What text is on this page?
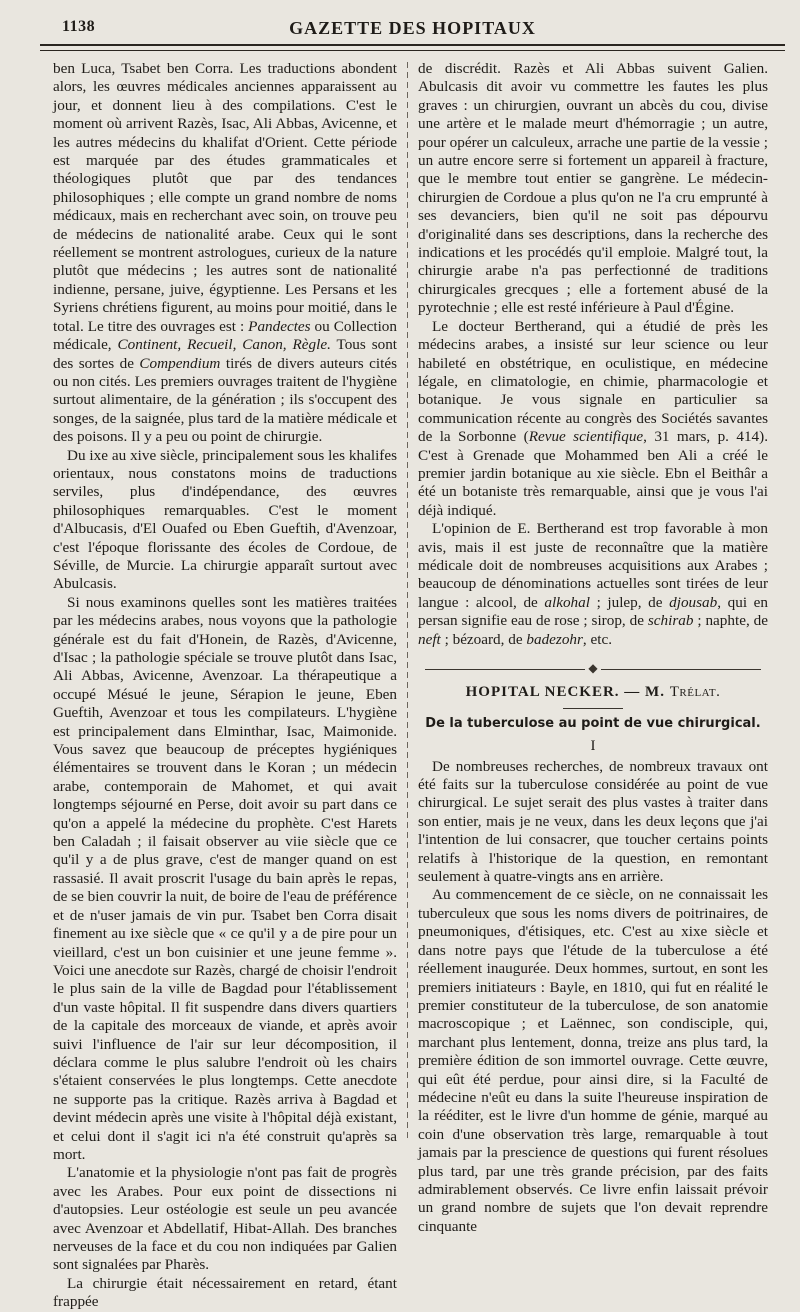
1138	GAZETTE DES HOPITAUX

ben Luca, Tsabet ben Corra. Les traductions abondent alors, les œuvres médicales anciennes apparaissent au jour, et donnent lieu à des compilations. C'est le moment où arrivent Razès, Isac, Ali Abbas, Avicenne, et les autres médecins du khalifat d'Orient. Cette période est marquée par des études grammaticales et théologiques plutôt que par des tendances philosophiques ; elle compte un grand nombre de noms médicaux, mais en recherchant avec soin, on trouve peu de médecins de nationalité arabe. Ceux qui le sont réellement se montrent astrologues, curieux de la nature plutôt que médecins ; les autres sont de nationalité indienne, persane, juive, égyptienne. Les Persans et les Syriens chrétiens figurent, au moins pour moitié, dans le total. Le titre des ouvrages est : Pandectes ou Collection médicale, Continent, Recueil, Canon, Règle. Tous sont des sortes de Compendium tirés de divers auteurs cités ou non cités. Les premiers ouvrages traitent de l'hygiène surtout alimentaire, de la génération ; ils s'occupent des songes, de la saignée, plus tard de la matière médicale et des poisons. Il y a peu ou point de chirurgie.

Du ixe au xive siècle, principalement sous les khalifes orientaux, nous constatons moins de traductions serviles, plus d'indépendance, des œuvres philosophiques remarquables. C'est le moment d'Albucasis, d'El Ouafed ou Eben Gueftih, d'Avenzoar, c'est l'époque florissante des écoles de Cordoue, de Séville, de Murcie. La chirurgie apparaît surtout avec Abulcasis.

Si nous examinons quelles sont les matières traitées par les médecins arabes, nous voyons que la pathologie générale est du fait d'Honein, de Razès, d'Avicenne, d'Isac ; la pathologie spéciale se trouve plutôt dans Isac, Ali Abbas, Avicenne, Avenzoar. La thérapeutique a occupé Mésué le jeune, Sérapion le jeune, Eben Gueftih, Avenzoar et tous les compilateurs. L'hygiène est principalement dans Elminthar, Isac, Maimonide. Vous savez que beaucoup de préceptes hygiéniques élémentaires se trouvent dans le Koran ; un médecin arabe, contemporain de Mahomet, et qui avait longtemps séjourné en Perse, doit avoir su part dans ce qu'on a appelé la médecine du prophète. C'est Harets ben Caladah ; il faisait observer au viie siècle que ce qu'il y a de plus grave, c'est de manger quand on est rassasié. Il avait proscrit l'usage du bain après le repas, de se bien couvrir la nuit, de boire de l'eau de préférence et de n'user jamais de vin pur. Tsabet ben Corra disait finement au ixe siècle que « ce qu'il y a de pire pour un vieillard, c'est un bon cuisinier et une jeune femme ». Voici une anecdote sur Razès, chargé de choisir l'endroit le plus sain de la ville de Bagdad pour l'établissement d'un vaste hôpital. Il fit suspendre dans divers quartiers de la capitale des morceaux de viande, et après avoir suivi l'influence de l'air sur leur décomposition, il déclara comme le plus salubre l'endroit où les chairs s'étaient conservées le plus longtemps. Cette anecdote ne supporte pas la critique. Razès arriva à Bagdad et devint médecin après une visite à l'hôpital déjà existant, et celui dont il s'agit ici n'a été construit qu'après sa mort.

L'anatomie et la physiologie n'ont pas fait de progrès avec les Arabes. Pour eux point de dissections ni d'autopsies. Leur ostéologie est seule un peu avancée avec Avenzoar et Abdellatif, Hibat-Allah. Des branches nerveuses de la face et du cou non indiquées par Galien sont signalées par Pharès.

La chirurgie était nécessairement en retard, étant frappée

de discrédit. Razès et Ali Abbas suivent Galien. Abulcasis dit avoir vu commettre les fautes les plus graves : un chirurgien, ouvrant un abcès du cou, divise une artère et le malade meurt d'hémorragie ; un autre, pour opérer un calculeux, arrache une partie de la vessie ; un autre encore serre si fortement un appareil à fracture, que le membre tout entier se gangrène. Le médecin-chirurgien de Cordoue a plus qu'on ne l'a cru emprunté à ses devanciers, bien qu'il ne soit pas dépourvu d'originalité dans ses descriptions, dans la recherche des indications et les procédés qu'il emploie. Malgré tout, la chirurgie arabe n'a pas perfectionné de traditions chirurgicales grecques ; elle a fortement abusé de la pyrotechnie ; elle est resté inférieure à Paul d'Égine.

Le docteur Bertherand, qui a étudié de près les médecins arabes, a insisté sur leur science ou leur habileté en obstétrique, en oculistique, en médecine légale, en climatologie, en chimie, pharmacologie et botanique. Je vous signale en particulier sa communication récente au congrès des Sociétés savantes de la Sorbonne (Revue scientifique, 31 mars, p. 414). C'est à Grenade que Mohammed ben Ali a créé le premier jardin botanique au xie siècle. Ebn el Beithâr a été un botaniste très remarquable, ainsi que je vous l'ai déjà indiqué.

L'opinion de E. Bertherand est trop favorable à mon avis, mais il est juste de reconnaître que la matière médicale doit de nombreuses acquisitions aux Arabes ; beaucoup de dénominations actuelles sont tirées de leur langue : alcool, de alkohal ; julep, de djousab, qui en persan signifie eau de rose ; sirop, de schirab ; naphte, de neft ; bézoard, de badezohr, etc.

◆
HOPITAL NECKER. — M. Trélat.
De la tuberculose au point de vue chirurgical.
I

De nombreuses recherches, de nombreux travaux ont été faits sur la tuberculose considérée au point de vue chirurgical. Le sujet serait des plus vastes à traiter dans son entier, mais je ne veux, dans les deux leçons que j'ai l'intention de lui consacrer, que toucher certains points relatifs à l'historique de la question, en remontant seulement à quatre-vingts ans en arrière.

Au commencement de ce siècle, on ne connaissait les tuberculeux que sous les noms divers de poitrinaires, de pneumoniques, d'étisiques, etc. C'est au xixe siècle et dans notre pays que l'étude de la tuberculose a été réellement inaugurée. Deux hommes, surtout, en sont les premiers initiateurs : Bayle, en 1810, qui fut en réalité le premier constituteur de la tuberculose, de son anatomie macroscopique ; et Laënnec, son condisciple, qui, marchant plus lentement, donna, treize ans plus tard, la première édition de son immortel ouvrage. Cette œuvre, qui eût été perdue, pour ainsi dire, si la Faculté de médecine n'eût eu dans la suite l'heureuse inspiration de la rééditer, est le livre d'un homme de génie, marqué au coin d'une observation très large, remarquable à tout jamais par la prescience de questions qui furent résolues plus tard, par une très grande précision, par des faits admirablement observés. Ce livre enfin laissait prévoir un grand nombre de sujets que l'on devait reprendre cinquante
